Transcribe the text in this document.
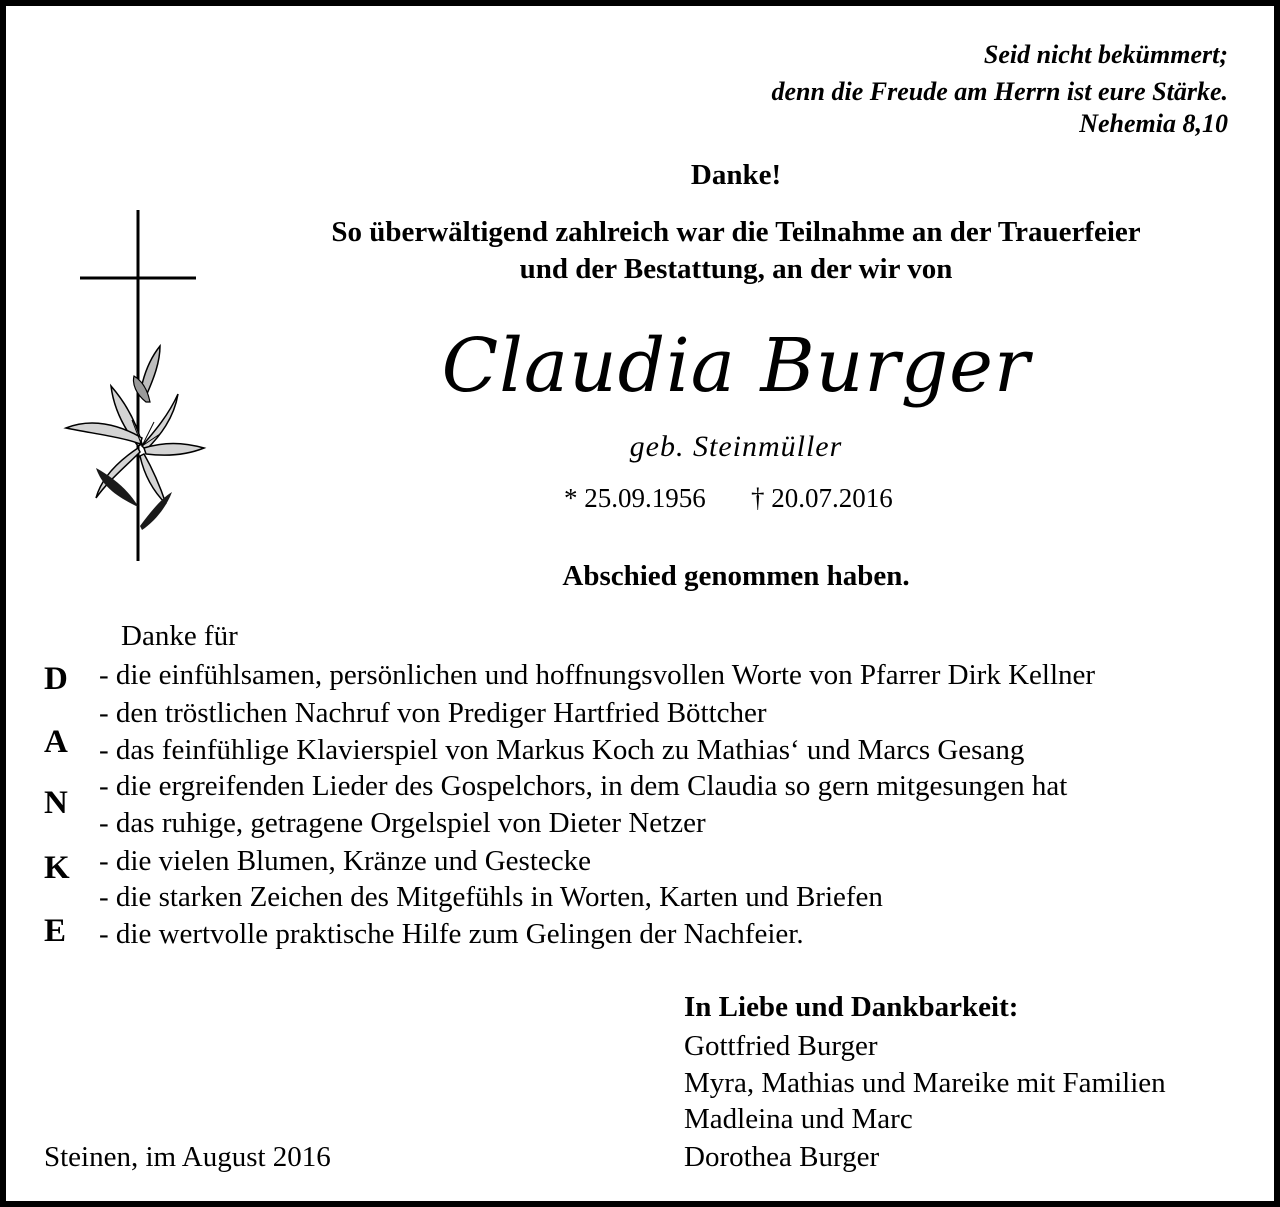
Seid nicht bekümmert;
denn die Freude am Herrn ist eure Stärke.
Nehemia 8,10
Danke!
So überwältigend zahlreich war die Teilnahme an der Trauerfeier
und der Bestattung, an der wir von
Claudia Burger
geb. Steinmüller
* 25.09.1956 † 20.07.2016
Abschied genommen haben.
Danke für
D
A
N
K
E
- die einfühlsamen, persönlichen und hoffnungsvollen Worte von Pfarrer Dirk Kellner
- den tröstlichen Nachruf von Prediger Hartfried Böttcher
- das feinfühlige Klavierspiel von Markus Koch zu Mathias‘ und Marcs Gesang
- die ergreifenden Lieder des Gospelchors, in dem Claudia so gern mitgesungen hat
- das ruhige, getragene Orgelspiel von Dieter Netzer
- die vielen Blumen, Kränze und Gestecke
- die starken Zeichen des Mitgefühls in Worten, Karten und Briefen
- die wertvolle praktische Hilfe zum Gelingen der Nachfeier.
In Liebe und Dankbarkeit:
Gottfried Burger
Myra, Mathias und Mareike mit Familien
Madleina und Marc
Dorothea Burger
Steinen, im August 2016
